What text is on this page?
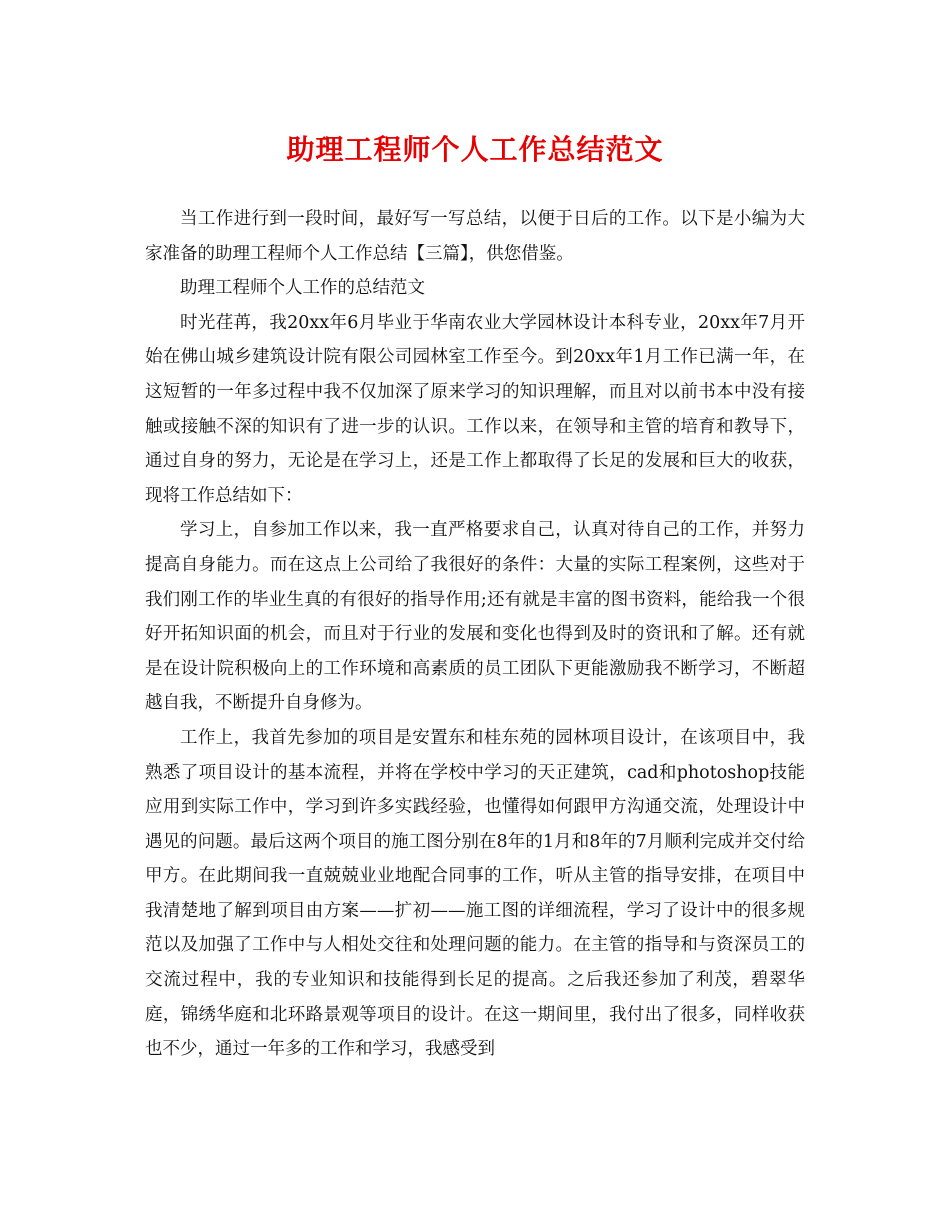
助理工程师个人工作总结范文

当工作进行到一段时间，最好写一写总结，以便于日后的工作。以下是小编为大家准备的助理工程师个人工作总结【三篇】，供您借鉴。

助理工程师个人工作的总结范文

时光荏苒，我20xx年6月毕业于华南农业大学园林设计本科专业，20xx年7月开始在佛山城乡建筑设计院有限公司园林室工作至今。到20xx年1月工作已满一年，在这短暂的一年多过程中我不仅加深了原来学习的知识理解，而且对以前书本中没有接触或接触不深的知识有了进一步的认识。工作以来，在领导和主管的培育和教导下，通过自身的努力，无论是在学习上，还是工作上都取得了长足的发展和巨大的收获，现将工作总结如下：

学习上，自参加工作以来，我一直严格要求自己，认真对待自己的工作，并努力提高自身能力。而在这点上公司给了我很好的条件：大量的实际工程案例，这些对于我们刚工作的毕业生真的有很好的指导作用;还有就是丰富的图书资料，能给我一个很好开拓知识面的机会，而且对于行业的发展和变化也得到及时的资讯和了解。还有就是在设计院积极向上的工作环境和高素质的员工团队下更能激励我不断学习，不断超越自我，不断提升自身修为。

工作上，我首先参加的项目是安置东和桂东苑的园林项目设计，在该项目中，我熟悉了项目设计的基本流程，并将在学校中学习的天正建筑，cad和photoshop技能应用到实际工作中，学习到许多实践经验，也懂得如何跟甲方沟通交流，处理设计中遇见的问题。最后这两个项目的施工图分别在8年的1月和8年的7月顺利完成并交付给甲方。在此期间我一直兢兢业业地配合同事的工作，听从主管的指导安排，在项目中我清楚地了解到项目由方案——扩初——施工图的详细流程，学习了设计中的很多规范以及加强了工作中与人相处交往和处理问题的能力。在主管的指导和与资深员工的交流过程中，我的专业知识和技能得到长足的提高。之后我还参加了利茂，碧翠华庭，锦绣华庭和北环路景观等项目的设计。在这一期间里，我付出了很多，同样收获也不少，通过一年多的工作和学习，我感受到
